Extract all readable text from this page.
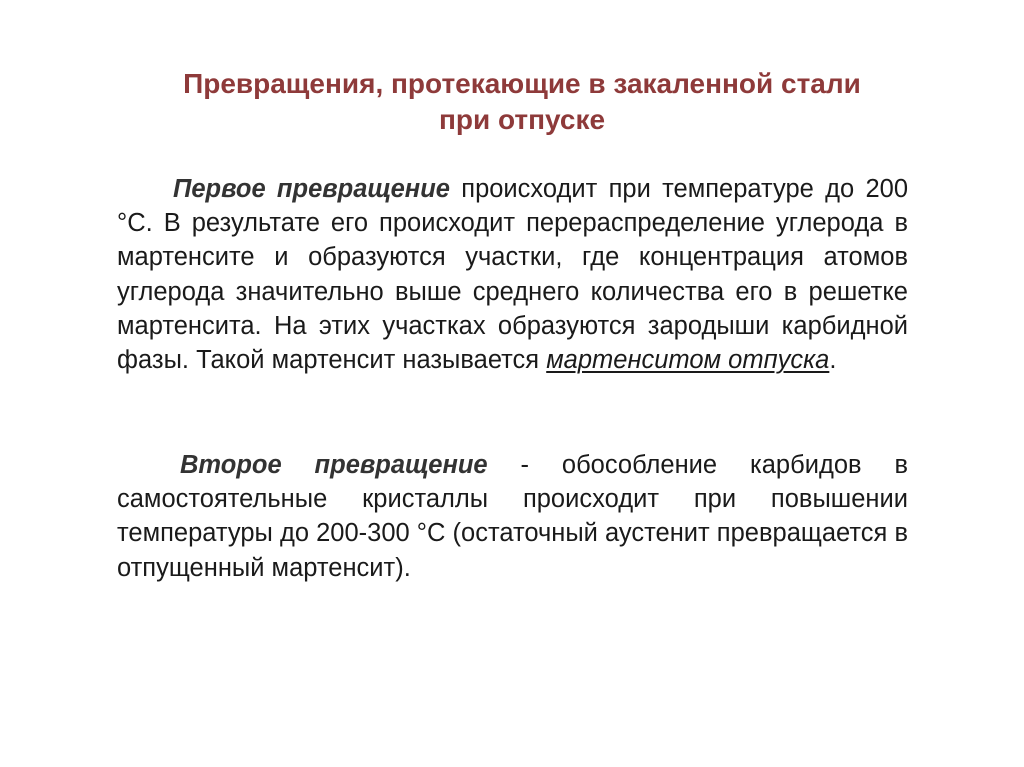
Превращения, протекающие в закаленной стали
при отпуске

Первое превращение происходит при температуре до 200 °С. В результате его происходит перераспределение углерода в мартенсите и образуются участки, где концентрация атомов углерода значительно выше среднего количества его в решетке мартенсита. На этих участках образуются зародыши карбидной фазы. Такой мартенсит называется мартенситом отпуска.

Второе превращение - обособление карбидов в самостоятельные кристаллы происходит при повышении температуры до 200-300 °С (остаточный аустенит превращается в отпущенный мартенсит).
